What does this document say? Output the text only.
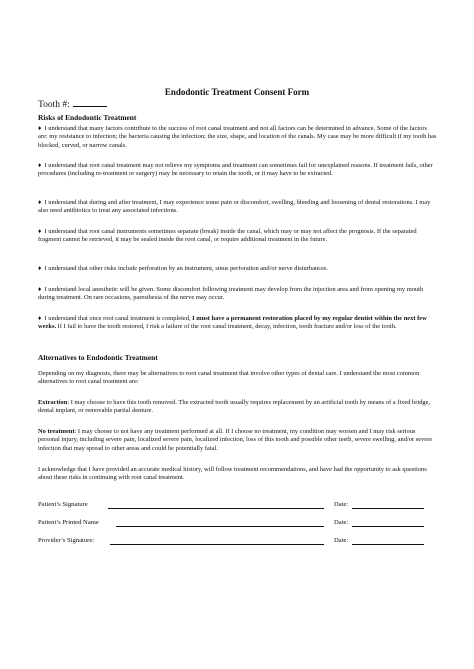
Endodontic Treatment Consent Form
Tooth #:
Risks of Endodontic Treatment
♦ I understand that many factors contribute to the success of root canal treatment and not all factors can be determined in advance. Some of the factors are: my resistance to infection; the bacteria causing the infection; the size, shape, and location of the canals. My case may be more difficult if my tooth has blocked, curved, or narrow canals.
♦ I understand that root canal treatment may not relieve my symptoms and treatment can sometimes fail for unexplained reasons. If treatment fails, other procedures (including re-treatment or surgery) may be necessary to retain the tooth, or it may have to be extracted.
♦ I understand that during and after treatment, I may experience some pain or discomfort, swelling, bleeding and loosening of dental restorations. I may also need antibiotics to treat any associated infections.
♦ I understand that root canal instruments sometimes separate (break) inside the canal, which may or may not affect the prognosis. If the separated fragment cannot be retrieved, it may be sealed inside the root canal, or require additional treatment in the future.
♦ I understand that other risks include perforation by an instrument, sinus perforation and/or nerve disturbances.
♦ I understand local anesthetic will be given. Some discomfort following treatment may develop from the injection area and from opening my mouth during treatment. On rare occasions, paresthesia of the nerve may occur.
♦ I understand that once root canal treatment is completed, I must have a permanent restoration placed by my regular dentist within the next few weeks. If I fail to have the tooth restored, I risk a failure of the root canal treatment, decay, infection, tooth fracture and/or loss of the tooth.
Alternatives to Endodontic Treatment
Depending on my diagnosis, there may be alternatives to root canal treatment that involve other types of dental care. I understand the most common alternatives to root canal treatment are:
Extraction: I may choose to have this tooth removed. The extracted tooth usually requires replacement by an artificial tooth by means of a fixed bridge, dental implant, or removable partial denture.
No treatment: I may choose to not have any treatment performed at all. If I choose no treatment, my condition may worsen and I may risk serious personal injury, including severe pain, localized severe pain, localized infection, loss of this tooth and possible other teeth, severe swelling, and/or severe infection that may spread to other areas and could be potentially fatal.
I acknowledge that I have provided an accurate medical history, will follow treatment recommendations, and have had the opportunity to ask questions about these risks in continuing with root canal treatment.
Patient’s Signature	Date:
Patient’s Printed Name	Date:
Provider’s Signature:	Date:
